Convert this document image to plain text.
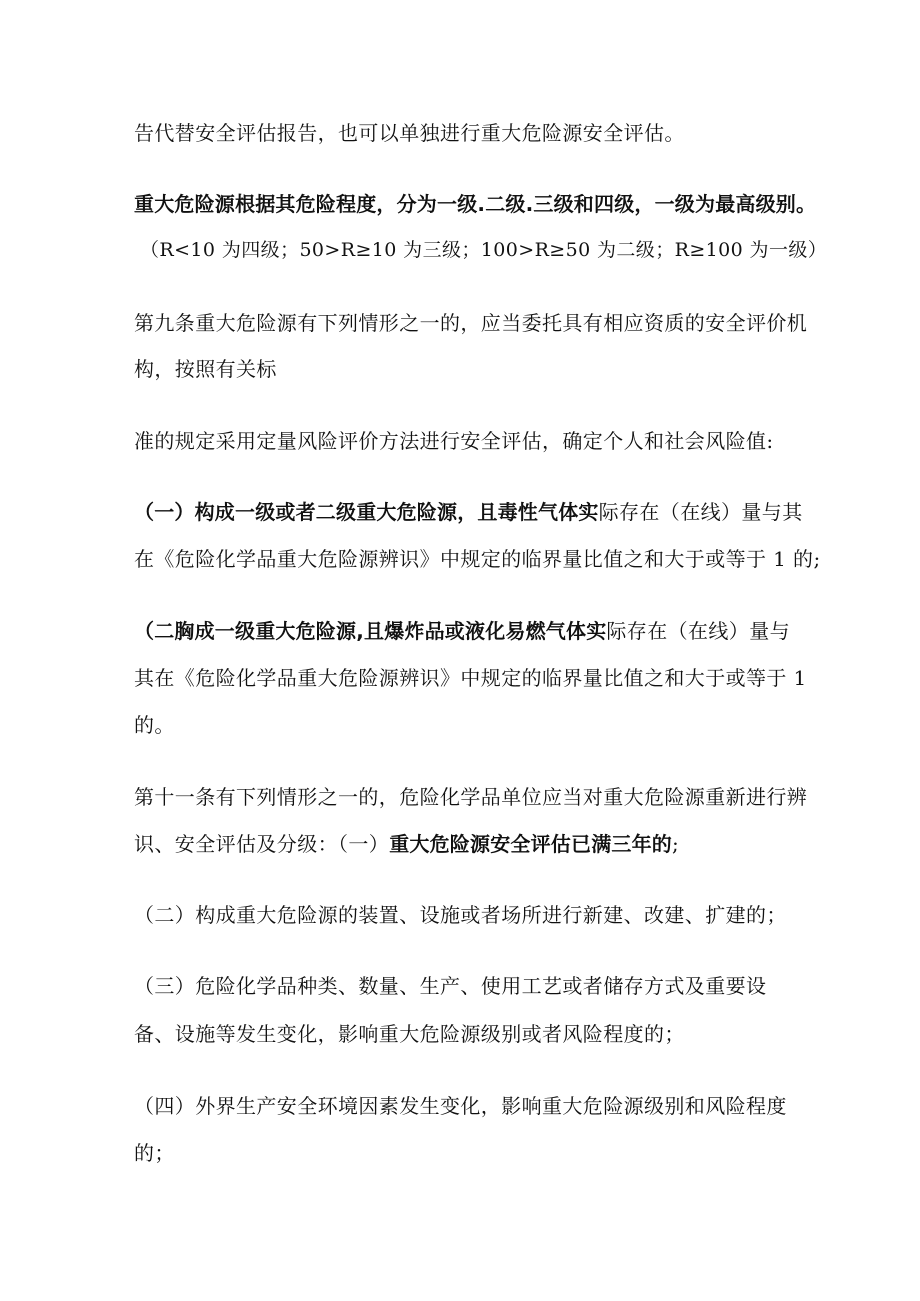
告代替安全评估报告，也可以单独进行重大危险源安全评估。
重大危险源根据其危险程度，分为一级.二级.三级和四级，一级为最高级别。
（R<10 为四级；50>R≥10 为三级；100>R≥50 为二级；R≥100 为一级）
第九条重大危险源有下列情形之一的，应当委托具有相应资质的安全评价机
构，按照有关标
准的规定采用定量风险评价方法进行安全评估，确定个人和社会风险值:
（一）构成一级或者二级重大危险源，且毒性气体实际存在（在线）量与其
在《危险化学品重大危险源辨识》中规定的临界量比值之和大于或等于 1 的;
（二胸成一级重大危险源,且爆炸品或液化易燃气体实际存在（在线）量与
其在《危险化学品重大危险源辨识》中规定的临界量比值之和大于或等于 1
的。
第十一条有下列情形之一的，危险化学品单位应当对重大危险源重新进行辨
识、安全评估及分级：（一）重大危险源安全评估已满三年的;
（二）构成重大危险源的装置、设施或者场所进行新建、改建、扩建的；
（三）危险化学品种类、数量、生产、使用工艺或者储存方式及重要设
备、设施等发生变化，影响重大危险源级别或者风险程度的；
（四）外界生产安全环境因素发生变化，影响重大危险源级别和风险程度
的；
